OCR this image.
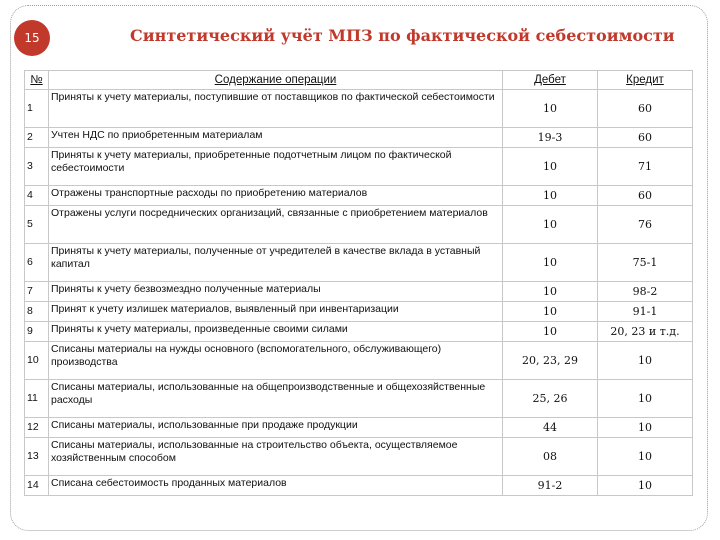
15	Синтетический учёт МПЗ по фактической себестоимости
№	Содержание операции	Дебет	Кредит
1	Приняты к учету материалы, поступившие от поставщиков по фактической себестоимости	10	60
2	Учтен НДС по приобретенным материалам	19-3	60
3	Приняты к учету материалы, приобретенные подотчетным лицом по фактической себестоимости	10	71
4	Отражены транспортные расходы по приобретению материалов	10	60
5	Отражены услуги посреднических организаций, связанные с приобретением материалов	10	76
6	Приняты к учету материалы, полученные от учредителей в качестве вклада в уставный капитал	10	75-1
7	Приняты к учету безвозмездно полученные материалы	10	98-2
8	Принят к учету излишек материалов, выявленный при инвентаризации	10	91-1
9	Приняты к учету материалы, произведенные своими силами	10	20, 23 и т.д.
10	Списаны материалы на нужды основного (вспомогательного, обслуживающего) производства	20, 23, 29	10
11	Списаны материалы, использованные на общепроизводственные и общехозяйственные расходы	25, 26	10
12	Списаны материалы, использованные при продаже продукции	44	10
13	Списаны материалы, использованные на строительство объекта, осуществляемое хозяйственным способом	08	10
14	Списана себестоимость проданных материалов	91-2	10
